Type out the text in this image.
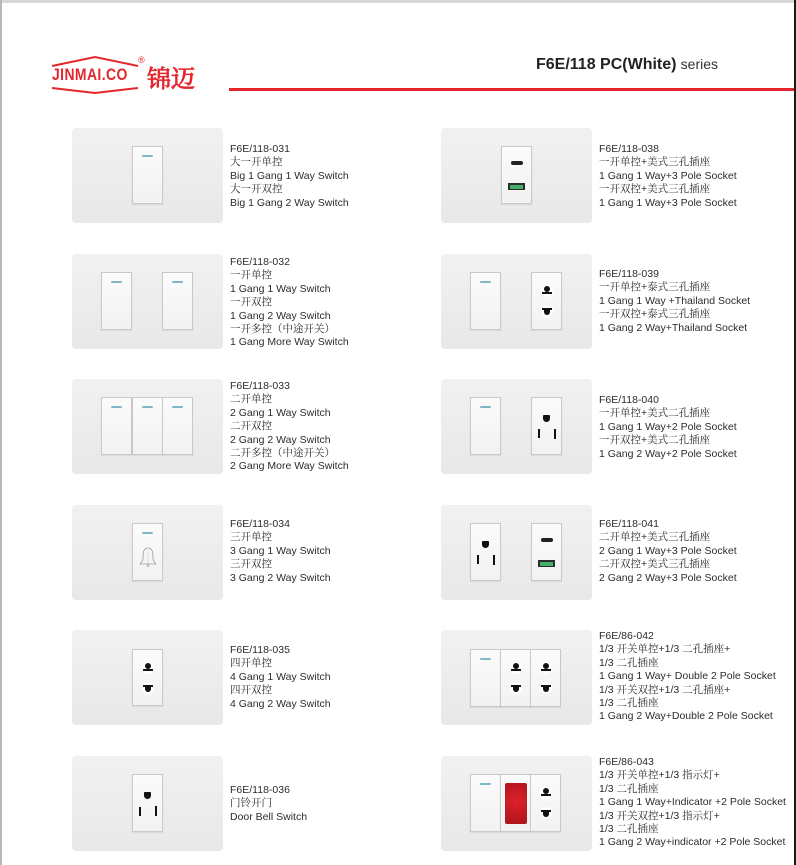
JINMAI.CO
®
锦迈
F6E/118 PC(White) series
F6E/118-031
大一开单控
Big 1 Gang 1 Way Switch
大一开双控
Big 1 Gang 2 Way Switch
F6E/118-032
一开单控
1 Gang 1 Way Switch
一开双控
1 Gang 2 Way Switch
一开多控（中途开关）
1 Gang More Way Switch
F6E/118-033
二开单控
2 Gang 1 Way Switch
二开双控
2 Gang 2 Way Switch
二开多控（中途开关）
2 Gang More Way Switch
F6E/118-034
三开单控
3 Gang 1 Way Switch
三开双控
3 Gang 2 Way Switch
F6E/118-035
四开单控
4 Gang 1 Way Switch
四开双控
4 Gang 2 Way Switch
F6E/118-036
门铃开门
Door Bell Switch
F6E/118-038
一开单控+美式三孔插座
1 Gang 1 Way+3 Pole Socket
一开双控+美式三孔插座
1 Gang 1 Way+3 Pole Socket
F6E/118-039
一开单控+泰式三孔插座
1 Gang 1 Way +Thailand Socket
一开双控+泰式三孔插座
1 Gang 2 Way+Thailand Socket
F6E/118-040
一开单控+美式二孔插座
1 Gang 1 Way+2 Pole Socket
一开双控+美式二孔插座
1 Gang 2 Way+2 Pole Socket
F6E/118-041
二开单控+美式三孔插座
2 Gang 1 Way+3 Pole Socket
二开双控+美式三孔插座
2 Gang 2 Way+3 Pole Socket
F6E/86-042
1/3 开关单控+1/3 二孔插座+
1/3 二孔插座
1 Gang 1 Way+ Double 2 Pole Socket
1/3 开关双控+1/3 二孔插座+
1/3 二孔插座
1 Gang 2 Way+Double 2 Pole Socket
F6E/86-043
1/3 开关单控+1/3 指示灯+
1/3 二孔插座
1 Gang 1 Way+Indicator +2 Pole Socket
1/3 开关双控+1/3 指示灯+
1/3 二孔插座
1 Gang 2 Way+indicator +2 Pole Socket
